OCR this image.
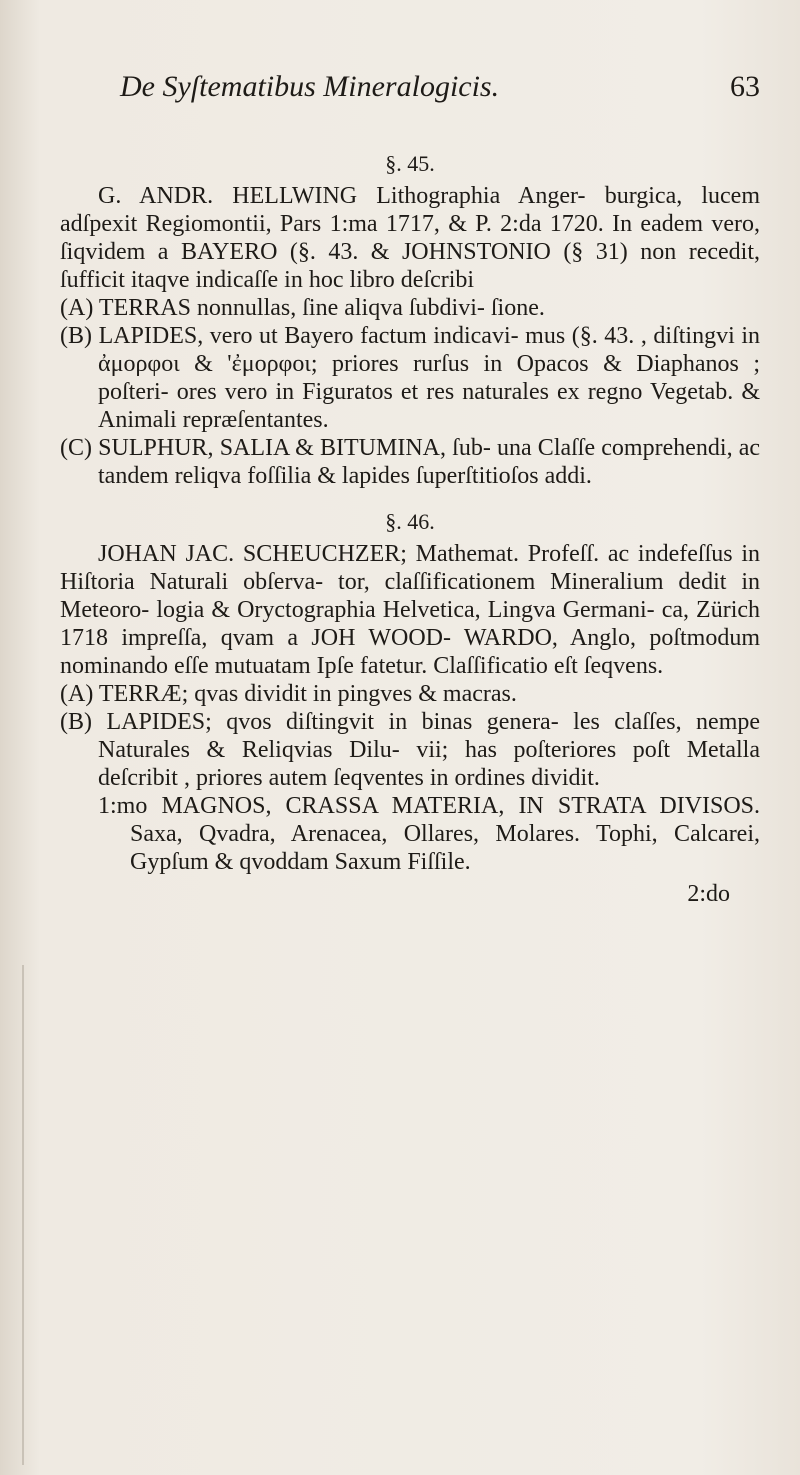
De Syſtematibus Mineralogicis.	63
§. 45.

G. ANDR. HELLWING Lithographia Anger- burgica, lucem adſpexit Regiomontii, Pars 1:ma 1717, & P. 2:da 1720. In eadem vero, ſiqvidem a BAYERO (§. 43. & JOHNSTONIO (§ 31) non recedit, ſufficit itaqve indicaſſe in hoc libro deſcribi

(A) TERRAS nonnullas, ſine aliqva ſubdivi- ſione.

(B) LAPIDES, vero ut Bayero factum indicavi- mus (§. 43. , diſtingvi in ἀμορφοι & 'ἐμορφοι; priores rurſus in Opacos & Diaphanos ; poſteri- ores vero in Figuratos et res naturales ex regno Vegetab. & Animali repræſentantes.

(C) SULPHUR, SALIA & BITUMINA, ſub- una Claſſe comprehendi, ac tandem reliqva foſſilia & lapides ſuperſtitioſos addi.

§. 46.

JOHAN JAC. SCHEUCHZER; Mathemat. Profeſſ. ac indefeſſus in Hiſtoria Naturali obſerva- tor, claſſificationem Mineralium dedit in Meteoro- logia & Oryctographia Helvetica, Lingva Germani- ca, Zürich 1718 impreſſa, qvam a JOH WOOD- WARDO, Anglo, poſtmodum nominando eſſe mutuatam Ipſe fatetur. Claſſificatio eſt ſeqvens.

(A) TERRÆ; qvas dividit in pingves & macras.

(B) LAPIDES; qvos diſtingvit in binas genera- les claſſes, nempe Naturales & Reliqvias Dilu- vii; has poſteriores poſt Metalla deſcribit , priores autem ſeqventes in ordines dividit.

1:mo MAGNOS, CRASSA MATERIA, IN STRATA DIVISOS. Saxa, Qvadra, Arenacea, Ollares, Molares. Tophi, Calcarei, Gypſum & qvoddam Saxum Fiſſile.

2:do
